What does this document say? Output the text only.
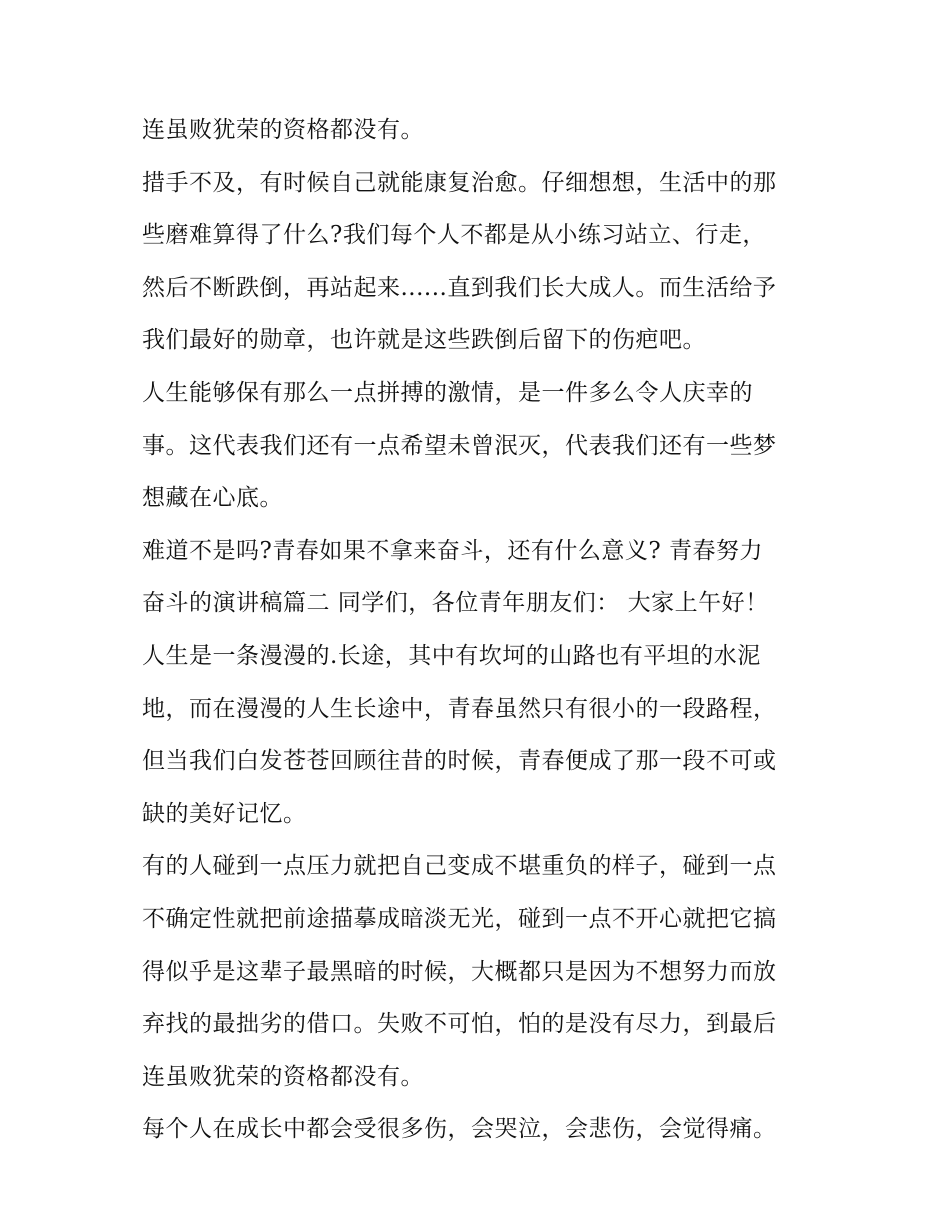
连虽败犹荣的资格都没有。
措手不及，有时候自己就能康复治愈。仔细想想，生活中的那
些磨难算得了什么?我们每个人不都是从小练习站立、行走，
然后不断跌倒，再站起来......直到我们长大成人。而生活给予
我们最好的勋章，也许就是这些跌倒后留下的伤疤吧。
人生能够保有那么一点拼搏的激情，是一件多么令人庆幸的
事。这代表我们还有一点希望未曾泯灭，代表我们还有一些梦
想藏在心底。
难道不是吗?青春如果不拿来奋斗，还有什么意义? 青春努力
奋斗的演讲稿篇二 同学们，各位青年朋友们： 大家上午好！
人生是一条漫漫的.长途，其中有坎坷的山路也有平坦的水泥
地，而在漫漫的人生长途中，青春虽然只有很小的一段路程，
但当我们白发苍苍回顾往昔的时候，青春便成了那一段不可或
缺的美好记忆。
有的人碰到一点压力就把自己变成不堪重负的样子，碰到一点
不确定性就把前途描摹成暗淡无光，碰到一点不开心就把它搞
得似乎是这辈子最黑暗的时候，大概都只是因为不想努力而放
弃找的最拙劣的借口。失败不可怕，怕的是没有尽力，到最后
连虽败犹荣的资格都没有。
每个人在成长中都会受很多伤，会哭泣，会悲伤，会觉得痛。
